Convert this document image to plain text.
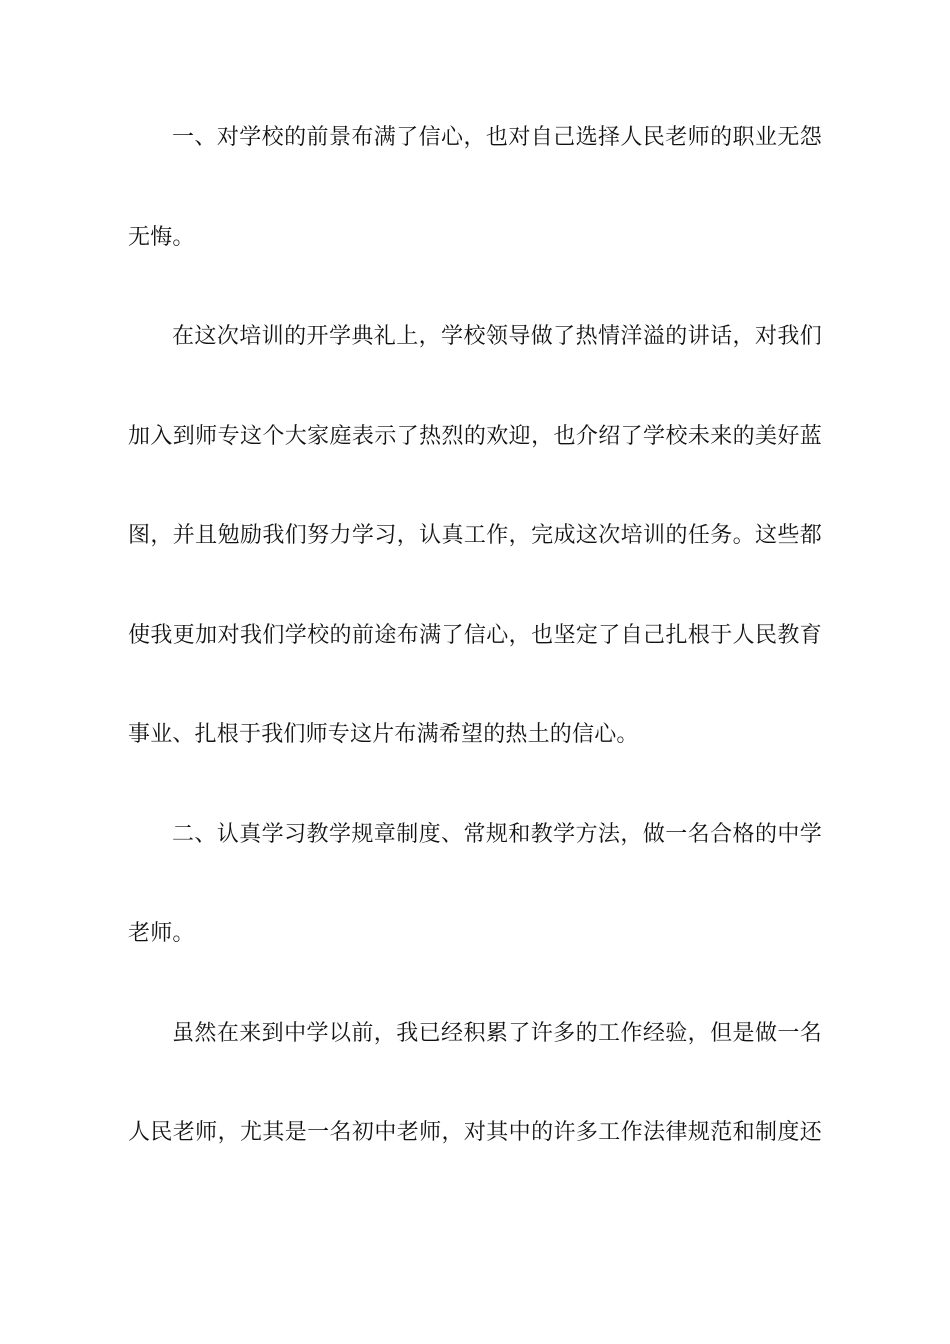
一、对学校的前景布满了信心，也对自己选择人民老师的职业无怨
无悔。
在这次培训的开学典礼上，学校领导做了热情洋溢的讲话，对我们
加入到师专这个大家庭表示了热烈的欢迎，也介绍了学校未来的美好蓝
图，并且勉励我们努力学习，认真工作，完成这次培训的任务。这些都
使我更加对我们学校的前途布满了信心，也坚定了自己扎根于人民教育
事业、扎根于我们师专这片布满希望的热土的信心。
二、认真学习教学规章制度、常规和教学方法，做一名合格的中学
老师。
虽然在来到中学以前，我已经积累了许多的工作经验，但是做一名
人民老师，尤其是一名初中老师，对其中的许多工作法律规范和制度还
